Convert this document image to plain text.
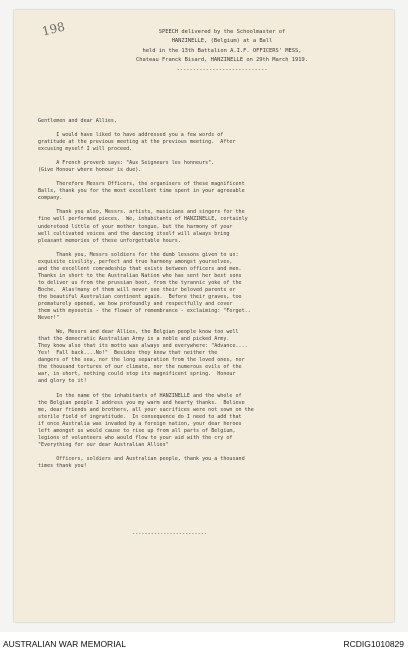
198	SPEECH delivered by the Schoolmaster of
HANZINELLE, (Belgium) at a Ball
held in the 13th Battalion A.I.F. OFFICERS' MESS,
Chateau Franck Bisard, HANZINELLE on 29th March 1919.
----------------------------

Gentlemen and dear Allies,

I would have liked to have addressed you a few words of
gratitude at the previous meeting at the previous meeting.  After
excusing myself I will proceed.

A French proverb says: "Aux Seigneurs les honneurs".
(Give Honour where honour is due).

Therefore Messrs Officers, the organisers of these magnificent
Balls, thank you for the most excellent time spent in your agreeable
company.

Thank you also, Messrs. artists, musicians and singers for the
fine well performed pieces.  We, inhabitants of HANZINELLE, certainly
understood little of your mother tongue, but the harmony of your
well cultivated voices and the dancing itself will always bring
pleasant memories of these unforgettable hours.

Thank you, Messrs soldiers for the dumb lessons given to us:
exquisite civility, perfect and true harmony amongst yourselves,
and the excellent comradeship that exists between officers and men.
Thanks in short to the Australian Nation who has sent her best sons
to deliver us from the prussian boot, from the tyrannic yoke of the
Boche.  Alas!many of them will never see their beloved parents or
the beautiful Australian continent again.  Before their graves, too
prematurely opened, we bow profoundly and respectfully and cover
them with myosotis - the flower of remembrance - exclaiming: "Forget..
Never!"

We, Messrs and dear Allies, the Belgian people know too well
that the democratic Australian Army is a noble and picked Army.
They know also that its motto was always and everywhere: "Advance....
Yes!  Fall back....No!"  Besides they know that neither the
dangers of the sea, nor the long separation from the loved ones, nor
the thousand tortures of our climate, nor the numerous evils of the
war, in short, nothing could stop its magnificent spring.  Honour
and glory to it!

In the name of the inhabitants of HANZINELLE and the whole of
the Belgian people I address you my warm and hearty thanks.  Believe
me, dear friends and brothers, all your sacrifices were not sown on the
sterile field of ingratitude.  In consequence do I need to add that
if once Australia was invaded by a foreign nation, your dear heroes
left amongst us would cause to rise up from all parts of Belgium,
legions of volunteers who would flow to your aid with the cry of
"Everything for our dear Australian Allies"

Officers, soldiers and Australian people, thank you a thousand
times thank you!

------------------------
AUSTRALIAN WAR MEMORIAL	RCDIG1010829
